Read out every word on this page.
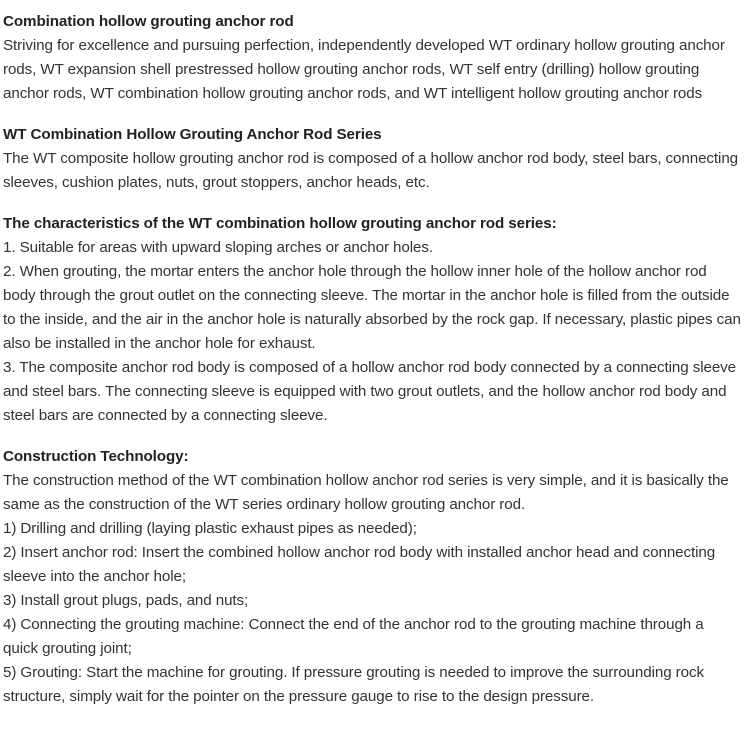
Combination hollow grouting anchor rod
Striving for excellence and pursuing perfection, independently developed WT ordinary hollow grouting anchor rods, WT expansion shell prestressed hollow grouting anchor rods, WT self entry (drilling) hollow grouting anchor rods, WT combination hollow grouting anchor rods, and WT intelligent hollow grouting anchor rods
WT Combination Hollow Grouting Anchor Rod Series
The WT composite hollow grouting anchor rod is composed of a hollow anchor rod body, steel bars, connecting sleeves, cushion plates, nuts, grout stoppers, anchor heads, etc.
The characteristics of the WT combination hollow grouting anchor rod series:
1. Suitable for areas with upward sloping arches or anchor holes.
2. When grouting, the mortar enters the anchor hole through the hollow inner hole of the hollow anchor rod body through the grout outlet on the connecting sleeve. The mortar in the anchor hole is filled from the outside to the inside, and the air in the anchor hole is naturally absorbed by the rock gap. If necessary, plastic pipes can also be installed in the anchor hole for exhaust.
3. The composite anchor rod body is composed of a hollow anchor rod body connected by a connecting sleeve and steel bars. The connecting sleeve is equipped with two grout outlets, and the hollow anchor rod body and steel bars are connected by a connecting sleeve.
Construction Technology:
The construction method of the WT combination hollow anchor rod series is very simple, and it is basically the same as the construction of the WT series ordinary hollow grouting anchor rod.
1) Drilling and drilling (laying plastic exhaust pipes as needed);
2) Insert anchor rod: Insert the combined hollow anchor rod body with installed anchor head and connecting sleeve into the anchor hole;
3) Install grout plugs, pads, and nuts;
4) Connecting the grouting machine: Connect the end of the anchor rod to the grouting machine through a quick grouting joint;
5) Grouting: Start the machine for grouting. If pressure grouting is needed to improve the surrounding rock structure, simply wait for the pointer on the pressure gauge to rise to the design pressure.
